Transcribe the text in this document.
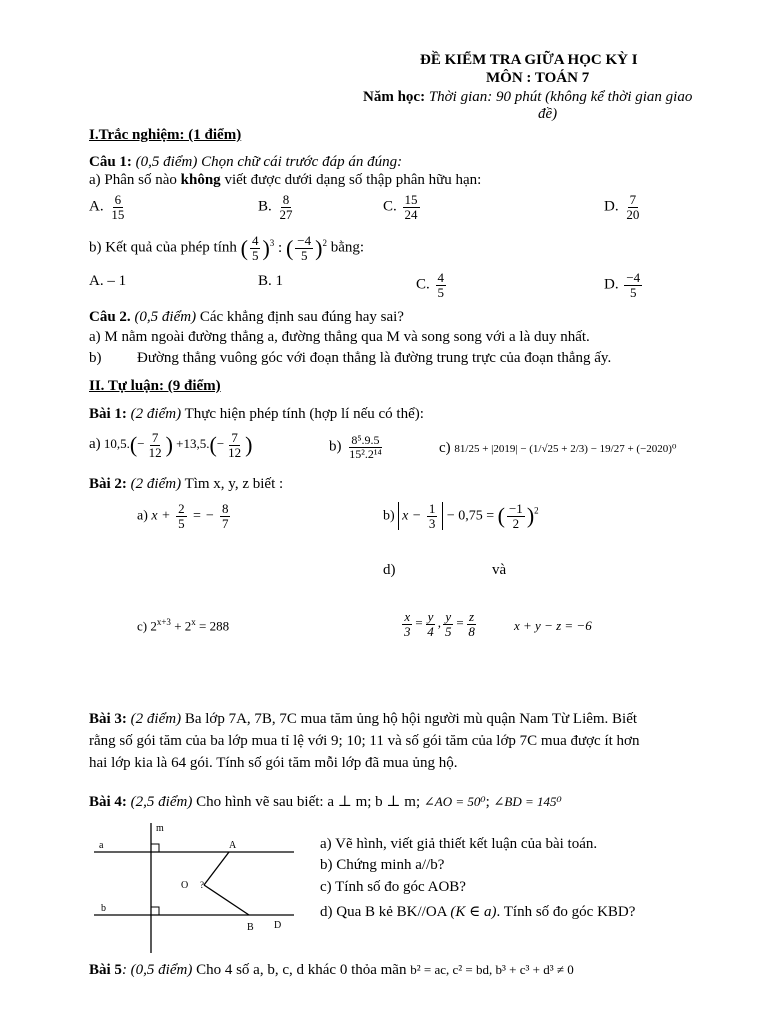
ĐỀ KIỂM TRA GIỮA HỌC KỲ I
MÔN : TOÁN 7
Năm học: Thời gian: 90 phút (không kể thời gian giao
đề)
I.Trắc nghiệm: (1 điểm)
Câu 1: (0,5 điểm) Chọn chữ cái trước đáp án đúng:
a) Phân số nào không viết được dưới dạng số thập phân hữu hạn:
A. $\frac{6}{15}$	B. $\frac{8}{27}$	C. $\frac{15}{24}$	D. $\frac{7}{20}$
b) Kết quả của phép tính ( $\frac{4}{5} )^3$ : ( $\frac{-4}{5} )^2$ bằng:
A. – 1	B. 1	C. $\frac{4}{5}$	D. $\frac{-4}{5}$
Câu 2. (0,5 điểm) Các khẳng định sau đúng hay sai?
a) M nằm ngoài đường thẳng a, đường thẳng qua M và song song với a là duy nhất.
b) Đường thẳng vuông góc với đoạn thẳng là đường trung trực của đoạn thẳng ấy.
II. Tự luận: (9 điểm)
Bài 1: (2 điểm) Thực hiện phép tính (hợp lí nếu có thể):
a) $10,5.(- \frac{7}{12}$ ) $+13,5.(- \frac{7}{12}$ )	$b) \frac{\text{8⁵.9.5}}{\text{15².2¹⁴}}$	c) 81/25 + |2019| − (1/√25 + 2/3) − 19/27 + (−2020)⁰
Bài 2: (2 điểm) Tìm x, y, z biết :
a) $x + \frac{2}{5}$ = − $\frac{8}{7}$	b) $x - \frac{1}{3} - 0,75$ = ( $\frac{-1}{2} )^2$
d)	và
c) $2^{x+3} + 2^x = 288$	$\frac{x}{3} = \frac{y}{4}$ , $\frac{y}{5} = \frac{z}{8}$	x + y − z = −6
Bài 3: (2 điểm) Ba lớp 7A, 7B, 7C mua tăm ủng hộ hội người mù quận Nam Từ Liêm. Biết
rằng số gói tăm của ba lớp mua tỉ lệ với 9; 10; 11 và số gói tăm của lớp 7C mua được ít hơn
hai lớp kia là 64 gói. Tính số gói tăm mỗi lớp đã mua ủng hộ.
Bài 4: (2,5 điểm) Cho hình vẽ sau biết: a ⊥ m; b ⊥ m; ∠AO = 50⁰; ∠BD = 145⁰
m
a	A
O ?
b
B D
a) Vẽ hình, viết giả thiết kết luận của bài toán.
b) Chứng minh a//b?
c) Tính số đo góc AOB?
d) Qua B kẻ BK//OA (K ∈ a). Tính số đo góc KBD?
Bài 5: (0,5 điểm) Cho 4 số a, b, c, d khác 0 thỏa mãn b² = ac, c² = bd, b³ + c³ + d³ ≠ 0
